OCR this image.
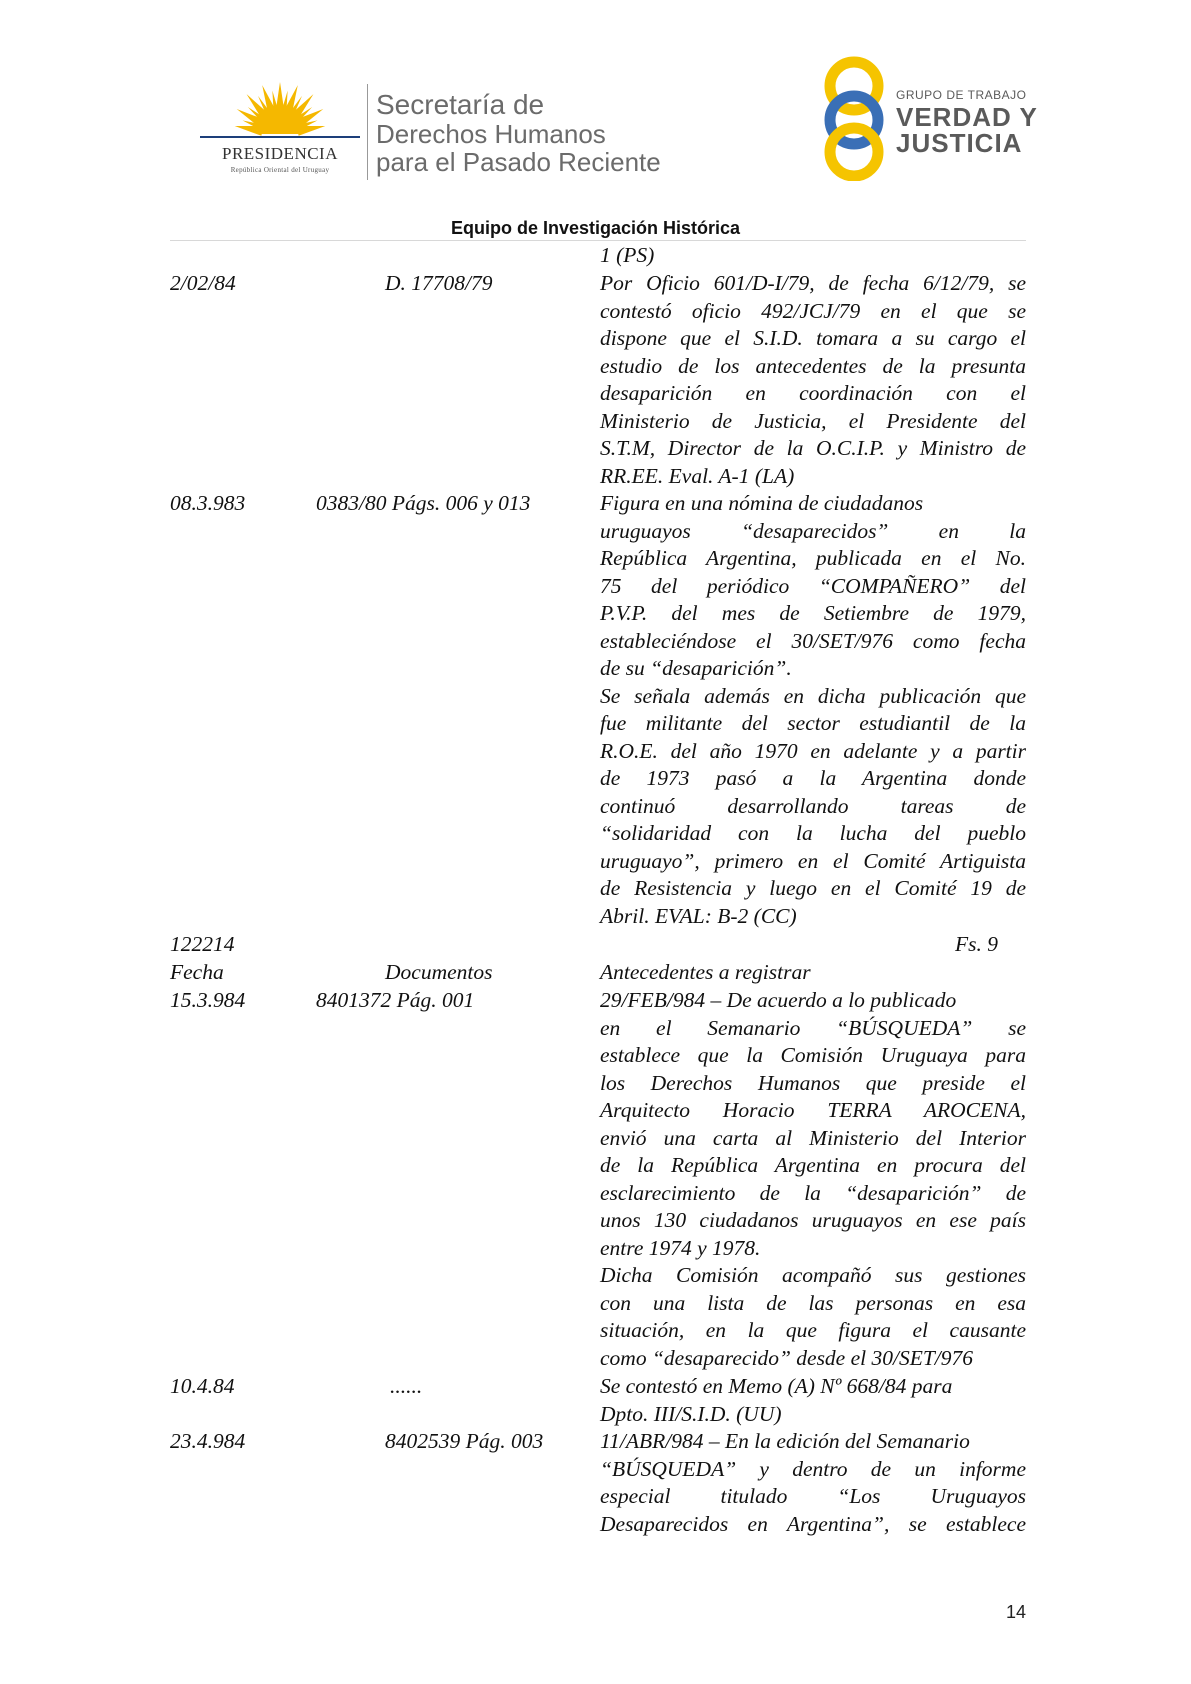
PRESIDENCIA
República Oriental del Uruguay
Secretaría de
Derechos Humanos
para el Pasado Reciente
GRUPO DE TRABAJO
VERDAD Y
JUSTICIA
Equipo de Investigación Histórica
1 (PS)
2/02/84	D. 17708/79	Por Oficio 601/D-I/79, de fecha 6/12/79, se
contestó oficio 492/JCJ/79 en el que se
dispone que el S.I.D. tomara a su cargo el
estudio de los antecedentes de la presunta
desaparición en coordinación con el
Ministerio de Justicia, el Presidente del
S.T.M, Director de la O.C.I.P. y Ministro de
RR.EE. Eval. A-1 (LA)
08.3.983	0383/80 Págs. 006 y 013	Figura en una nómina de ciudadanos
uruguayos “desaparecidos” en la
República Argentina, publicada en el No.
75 del periódico “COMPAÑERO” del
P.V.P. del mes de Setiembre de 1979,
estableciéndose el 30/SET/976 como fecha
de su “desaparición”.
Se señala además en dicha publicación que
fue militante del sector estudiantil de la
R.O.E. del año 1970 en adelante y a partir
de 1973 pasó a la Argentina donde
continuó desarrollando tareas de
“solidaridad con la lucha del pueblo
uruguayo”, primero en el Comité Artiguista
de Resistencia y luego en el Comité 19 de
Abril. EVAL: B-2 (CC)
122214	Fs. 9
Fecha	Documentos	Antecedentes a registrar
15.3.984	8401372 Pág. 001	29/FEB/984 – De acuerdo a lo publicado
en el Semanario “BÚSQUEDA” se
establece que la Comisión Uruguaya para
los Derechos Humanos que preside el
Arquitecto Horacio TERRA AROCENA,
envió una carta al Ministerio del Interior
de la República Argentina en procura del
esclarecimiento de la “desaparición” de
unos 130 ciudadanos uruguayos en ese país
entre 1974 y 1978.
Dicha Comisión acompañó sus gestiones
con una lista de las personas en esa
situación, en la que figura el causante
como “desaparecido” desde el 30/SET/976
10.4.84	......	Se contestó en Memo (A) Nº 668/84 para
Dpto. III/S.I.D. (UU)
23.4.984	8402539 Pág. 003	11/ABR/984 – En la edición del Semanario
“BÚSQUEDA” y dentro de un informe
especial titulado “Los Uruguayos
Desaparecidos en Argentina”, se establece
14
